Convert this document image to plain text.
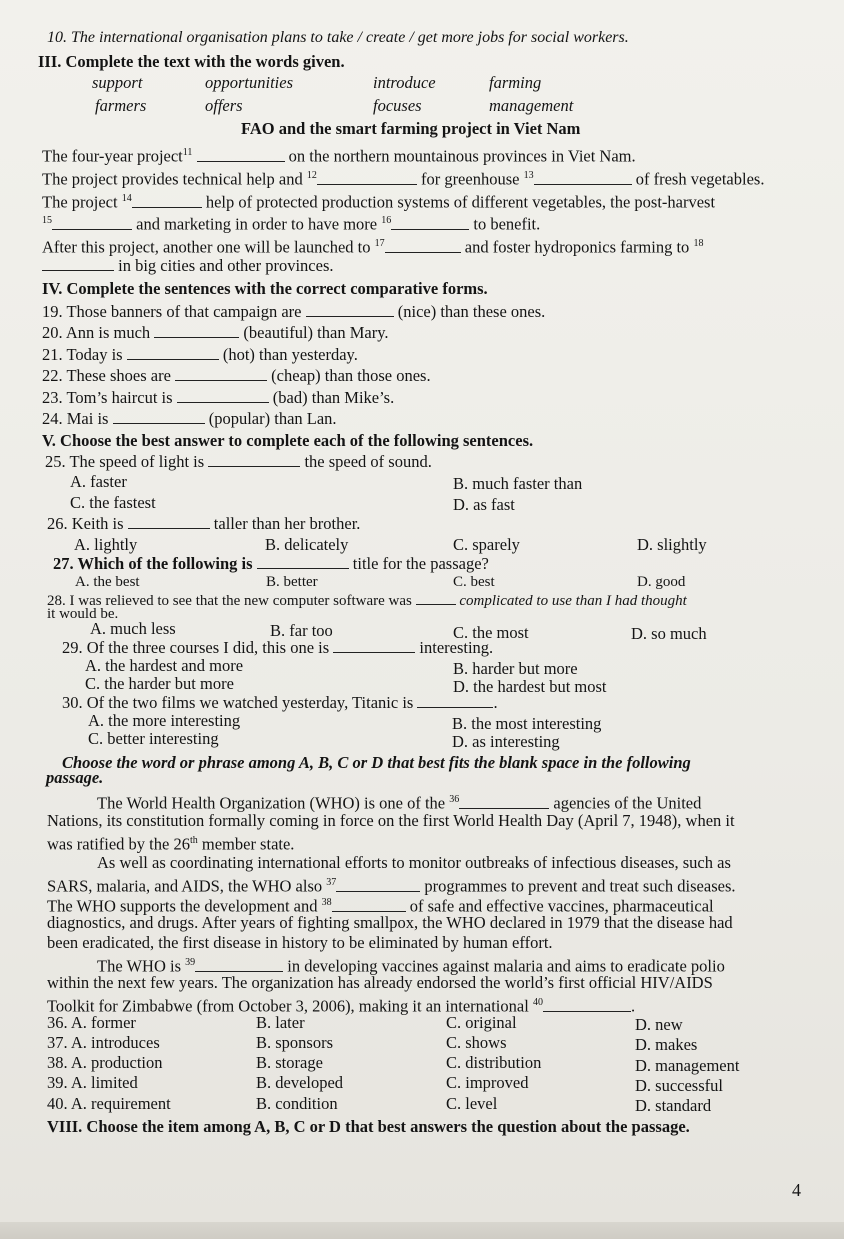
10. The international organisation plans to take / create / get more jobs for social workers.
III. Complete the text with the words given.
support	opportunities	introduce	farming
farmers	offers	focuses	management
FAO and the smart farming project in Viet Nam
The four-year project$^{11}$	on the northern mountainous provinces in Viet Nam.
The project provides technical help and $^{12}$	for greenhouse $^{13}$	of fresh vegetables.
The project $^{14}$	help of protected production systems of different vegetables, the post-harvest
$^{15}$	and marketing in order to have more $^{16}$	to benefit.
After this project, another one will be launched to $^{17}$	and foster hydroponics farming to $^{18}$
in big cities and other provinces.
IV. Complete the sentences with the correct comparative forms.
19. Those banners of that campaign are	(nice) than these ones.
20. Ann is much	(beautiful) than Mary.
21. Today is	(hot) than yesterday.
22. These shoes are	(cheap) than those ones.
23. Tom’s haircut is	(bad) than Mike’s.
24. Mai is	(popular) than Lan.
V. Choose the best answer to complete each of the following sentences.
25. The speed of light is	the speed of sound.
A. faster	B. much faster than
C. the fastest	D. as fast
26. Keith is	taller than her brother.
A. lightly	B. delicately	C. sparely	D. slightly
27. Which of the following is	title for the passage?
A. the best	B. better	C. best	D. good
28. I was relieved to see that the new computer software was	complicated to use than I had thought
it would be.
A. much less	B. far too	C. the most	D. so much
29. Of the three courses I did, this one is	interesting.
A. the hardest and more	B. harder but more
C. the harder but more	D. the hardest but most
30. Of the two films we watched yesterday, Titanic is	.
A. the more interesting	B. the most interesting
C. better interesting	D. as interesting
Choose the word or phrase among A, B, C or D that best fits the blank space in the following
passage.
The World Health Organization (WHO) is one of the $^{36}$	agencies of the United
Nations, its constitution formally coming in force on the first World Health Day (April 7, 1948), when it
was ratified by the 26th member state.
As well as coordinating international efforts to monitor outbreaks of infectious diseases, such as
SARS, malaria, and AIDS, the WHO also $^{37}$	programmes to prevent and treat such diseases.
The WHO supports the development and $^{38}$	of safe and effective vaccines, pharmaceutical
diagnostics, and drugs. After years of fighting smallpox, the WHO declared in 1979 that the disease had
been eradicated, the first disease in history to be eliminated by human effort.
The WHO is $^{39}$	in developing vaccines against malaria and aims to eradicate polio
within the next few years. The organization has already endorsed the world’s first official HIV/AIDS
Toolkit for Zimbabwe (from October 3, 2006), making it an international $^{40}$	.
36. A. former	B. later	C. original	D. new
37. A. introduces	B. sponsors	C. shows	D. makes
38. A. production	B. storage	C. distribution	D. management
39. A. limited	B. developed	C. improved	D. successful
40. A. requirement	B. condition	C. level	D. standard
VIII. Choose the item among A, B, C or D that best answers the question about the passage.
4
